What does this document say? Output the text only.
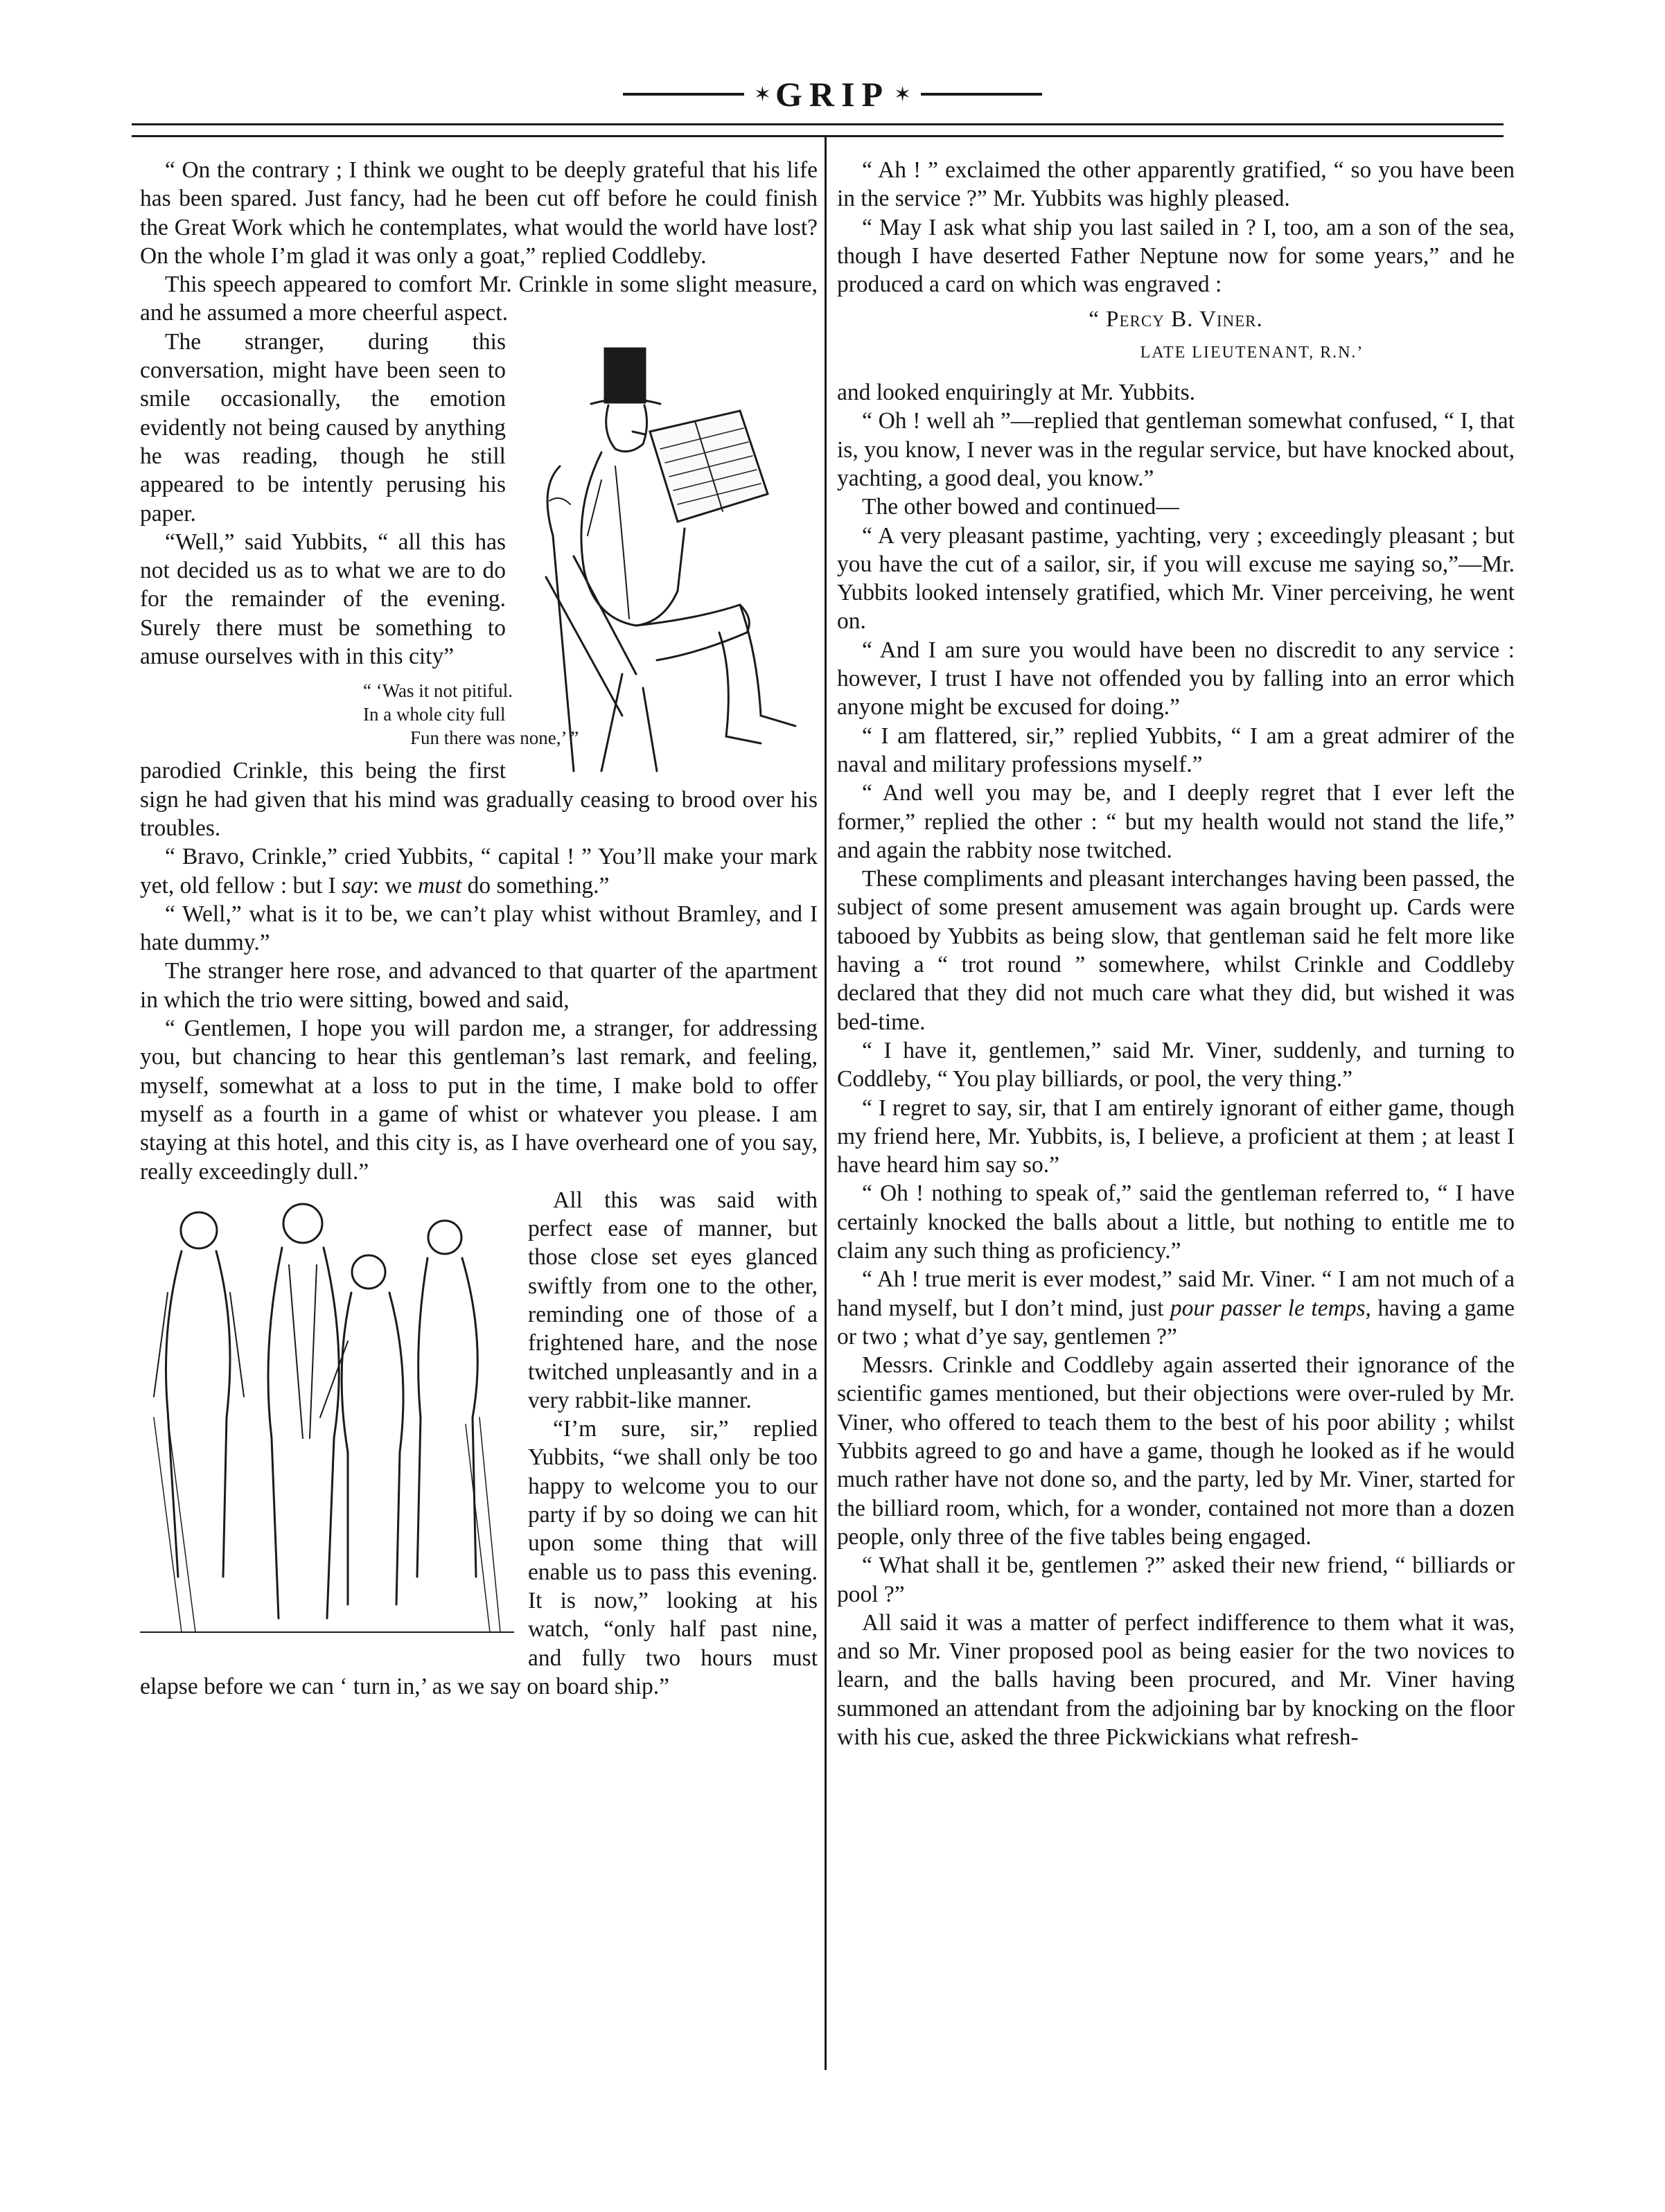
✶ GRIP ✶

“ On the contrary ; I think we ought to be deeply grateful that his life has been spared. Just fancy, had he been cut off before he could finish the Great Work which he contemplates, what would the world have lost? On the whole I’m glad it was only a goat,” replied Coddleby.

This speech appeared to comfort Mr. Crinkle in some slight measure, and he assumed a more cheerful aspect.

The stranger, during this conversation, might have been seen to smile occasionally, the emotion evidently not being caused by anything he was reading, though he still appeared to be intently perusing his paper.

“Well,” said Yubbits, “ all this has not decided us as to what we are to do for the remainder of the evening. Surely there must be something to amuse ourselves with in this city”

“ ‘Was it not pitiful.
In a whole city full
Fun there was none,’ ”

parodied Crinkle, this being the first sign he had given that his mind was gradually ceasing to brood over his troubles.

“ Bravo, Crinkle,” cried Yubbits, “ capital ! ” You’ll make your mark yet, old fellow : but I say: we must do something.”

“ Well,” what is it to be, we can’t play whist without Bramley, and I hate dummy.”

The stranger here rose, and advanced to that quarter of the apartment in which the trio were sitting, bowed and said,

“ Gentlemen, I hope you will pardon me, a stranger, for addressing you, but chancing to hear this gentleman’s last remark, and feeling, myself, somewhat at a loss to put in the time, I make bold to offer myself as a fourth in a game of whist or whatever you please. I am staying at this hotel, and this city is, as I have overheard one of you say, really exceedingly dull.”

All this was said with perfect ease of manner, but those close set eyes glanced swiftly from one to the other, reminding one of those of a frightened hare, and the nose twitched unpleasantly and in a very rabbit-like manner.

“I’m sure, sir,” replied Yubbits, “we shall only be too happy to welcome you to our party if by so doing we can hit upon some thing that will enable us to pass this evening. It is now,” looking at his watch, “only half past nine, and fully two hours must elapse before we can ‘ turn in,’ as we say on board ship.”

“ Ah ! ” exclaimed the other apparently gratified, “ so you have been in the service ?” Mr. Yubbits was highly pleased.

“ May I ask what ship you last sailed in ? I, too, am a son of the sea, though I have deserted Father Neptune now for some years,” and he produced a card on which was engraved :

“ Percy B. Viner.
LATE LIEUTENANT, R.N.’

and looked enquiringly at Mr. Yubbits.

“ Oh ! well ah ”—replied that gentleman somewhat confused, “ I, that is, you know, I never was in the regular service, but have knocked about, yachting, a good deal, you know.”

The other bowed and continued—

“ A very pleasant pastime, yachting, very ; exceedingly pleasant ; but you have the cut of a sailor, sir, if you will excuse me saying so,”—Mr. Yubbits looked intensely gratified, which Mr. Viner perceiving, he went on.

“ And I am sure you would have been no discredit to any service : however, I trust I have not offended you by falling into an error which anyone might be excused for doing.”

“ I am flattered, sir,” replied Yubbits, “ I am a great admirer of the naval and military professions myself.”

“ And well you may be, and I deeply regret that I ever left the former,” replied the other : “ but my health would not stand the life,” and again the rabbity nose twitched.

These compliments and pleasant interchanges having been passed, the subject of some present amusement was again brought up. Cards were tabooed by Yubbits as being slow, that gentleman said he felt more like having a “ trot round ” somewhere, whilst Crinkle and Coddleby declared that they did not much care what they did, but wished it was bed-time.

“ I have it, gentlemen,” said Mr. Viner, suddenly, and turning to Coddleby, “ You play billiards, or pool, the very thing.”

“ I regret to say, sir, that I am entirely ignorant of either game, though my friend here, Mr. Yubbits, is, I believe, a proficient at them ; at least I have heard him say so.”

“ Oh ! nothing to speak of,” said the gentleman referred to, “ I have certainly knocked the balls about a little, but nothing to entitle me to claim any such thing as proficiency.”

“ Ah ! true merit is ever modest,” said Mr. Viner. “ I am not much of a hand myself, but I don’t mind, just pour passer le temps, having a game or two ; what d’ye say, gentlemen ?”

Messrs. Crinkle and Coddleby again asserted their ignorance of the scientific games mentioned, but their objections were over-ruled by Mr. Viner, who offered to teach them to the best of his poor ability ; whilst Yubbits agreed to go and have a game, though he looked as if he would much rather have not done so, and the party, led by Mr. Viner, started for the billiard room, which, for a wonder, contained not more than a dozen people, only three of the five tables being engaged.

“ What shall it be, gentlemen ?” asked their new friend, “ billiards or pool ?”

All said it was a matter of perfect indifference to them what it was, and so Mr. Viner proposed pool as being easier for the two novices to learn, and the balls having been procured, and Mr. Viner having summoned an attendant from the adjoining bar by knocking on the floor with his cue, asked the three Pickwickians what refresh-
